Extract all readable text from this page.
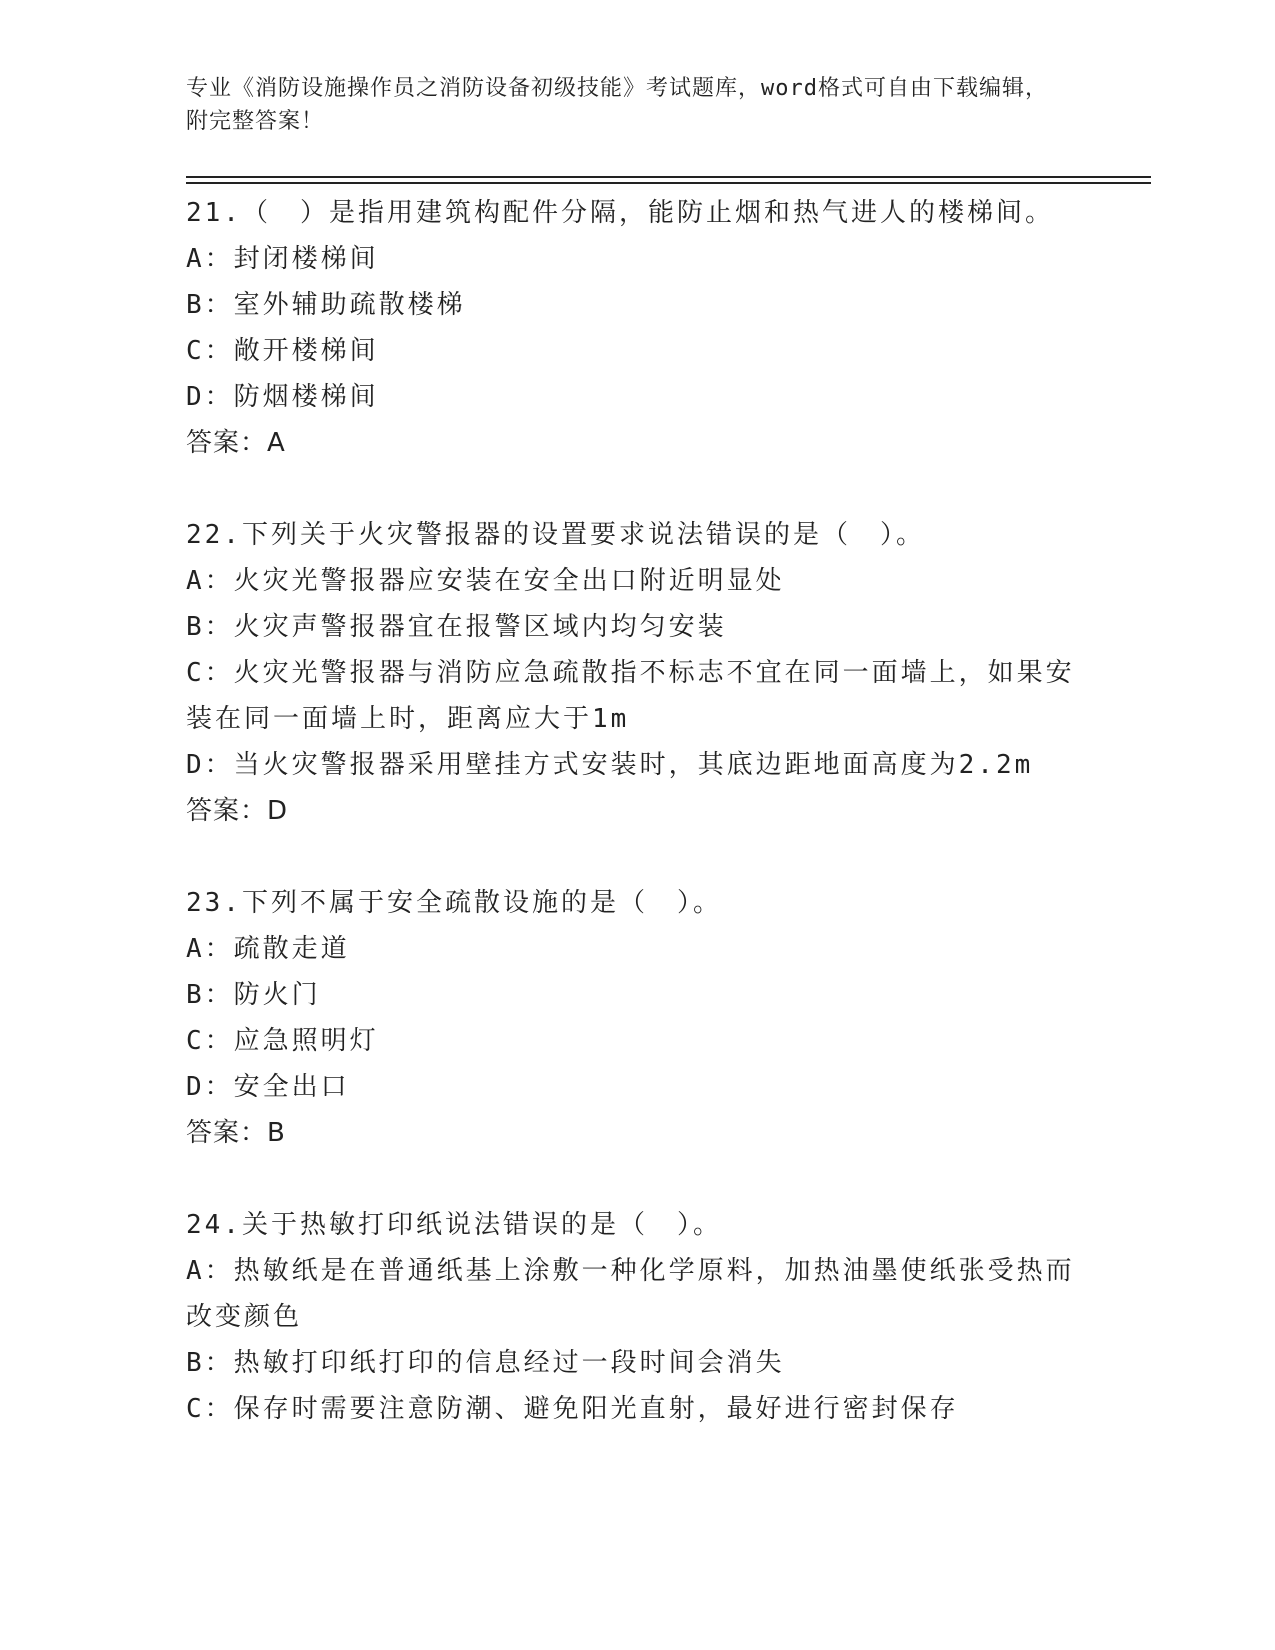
专业《消防设施操作员之消防设备初级技能》考试题库，word格式可自由下载编辑，附完整答案！
21.（　）是指用建筑构配件分隔，能防止烟和热气进人的楼梯间。
A：封闭楼梯间
B：室外辅助疏散楼梯
C：敞开楼梯间
D：防烟楼梯间
答案：A
22.下列关于火灾警报器的设置要求说法错误的是（　）。
A：火灾光警报器应安装在安全出口附近明显处
B：火灾声警报器宜在报警区域内均匀安装
C：火灾光警报器与消防应急疏散指不标志不宜在同一面墙上，如果安装在同一面墙上时，距离应大于1m
D：当火灾警报器采用壁挂方式安装时，其底边距地面高度为2.2m
答案：D
23.下列不属于安全疏散设施的是（　）。
A：疏散走道
B：防火门
C：应急照明灯
D：安全出口
答案：B
24.关于热敏打印纸说法错误的是（　）。
A：热敏纸是在普通纸基上涂敷一种化学原料，加热油墨使纸张受热而改变颜色
B：热敏打印纸打印的信息经过一段时间会消失
C：保存时需要注意防潮、避免阳光直射，最好进行密封保存
